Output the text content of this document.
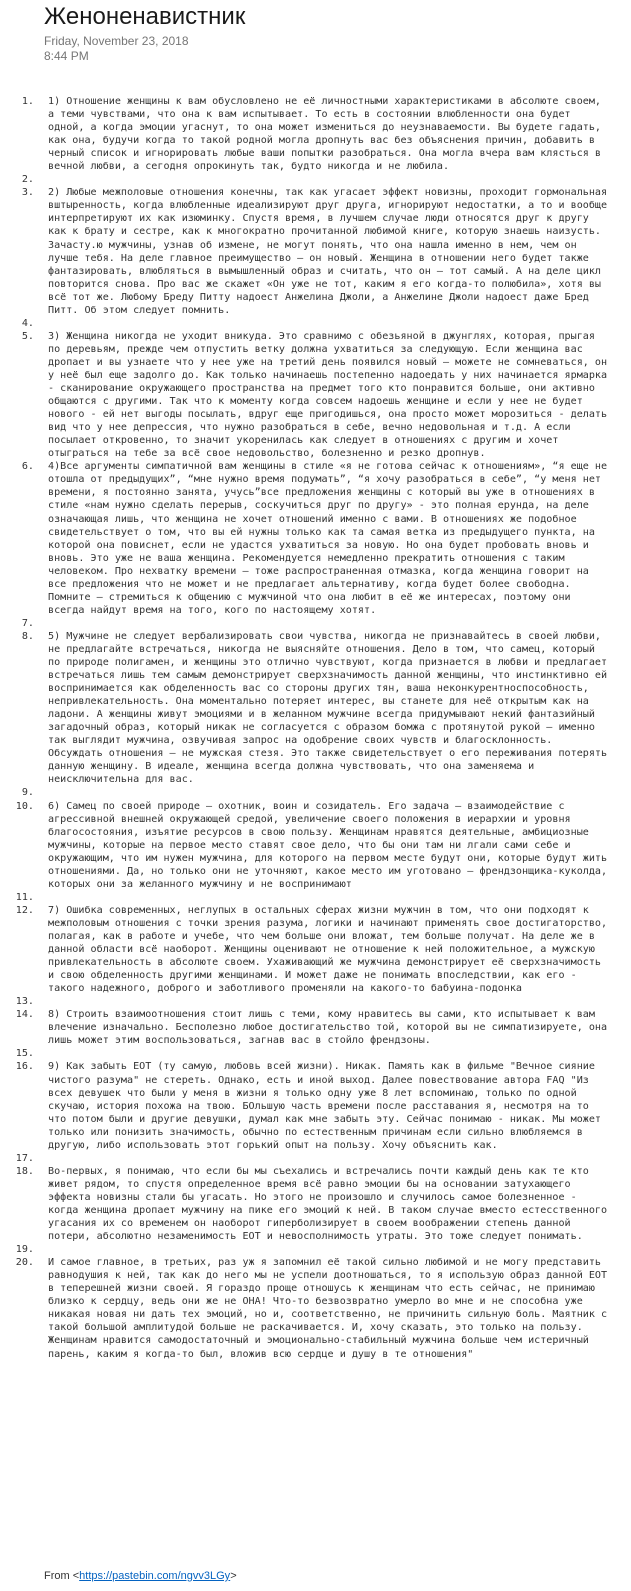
Женоненавистник
Friday, November 23, 2018
8:44 PM
1. 1) Отношение женщины к вам обусловлено не её личностными характеристиками в абсолюте своем, а теми чувствами, что она к вам испытывает. То есть в состоянии влюбленности она будет одной, а когда эмоции угаснут, то она может измениться до неузнаваемости. Вы будете гадать, как она, будучи когда то такой родной могла дропнуть вас без объяснения причин, добавить в черный список и игнорировать любые ваши попытки разобраться. Она могла вчера вам клясться в вечной любви, а сегодня опрокинуть так, будто никогда и не любила.
2.
3. 2) Любые межполовые отношения конечны, так как угасает эффект новизны, проходит гормональная вштыренность, когда влюбленные идеализируют друг друга, игнорируют недостатки, а то и вообще интерпретируют их как изюминку. Спустя время, в лучшем случае люди относятся друг к другу как к брату и сестре, как к многократно прочитанной любимой книге, которую знаешь наизусть. Зачасту.ю мужчины, узнав об измене, не могут понять, что она нашла именно в нем, чем он лучше тебя. На деле главное преимущество — он новый. Женщина в отношении него будет также фантазировать, влюбляться в вымышленный образ и считать, что он — тот самый. А на деле цикл повторится снова. Про вас же скажет «Он уже не тот, каким я его когда-то полюбила», хотя вы всё тот же. Любому Бреду Питту надоест Анжелина Джоли, а Анжелине Джоли надоест даже Бред Питт. Об этом следует помнить.
4.
5. 3) Женщина никогда не уходит вникуда. Это сравнимо с обезьяной в джунглях, которая, прыгая по деревьям, прежде чем отпустить ветку должна ухватиться за следующую. Если женщина вас дропает и вы узнаете что у нее уже на третий день появился новый — можете не сомневаться, он у неё был еще задолго до. Как только начинаешь постепенно надоедать у них начинается ярмарка - сканирование окружающего пространства на предмет того кто понравится больше, они активно общаются с другими. Так что к моменту когда совсем надоешь женщине и если у нее не будет нового - ей нет выгоды посылать, вдруг еще пригодишься, она просто может морозиться - делать вид что у нее депрессия, что нужно разобраться в себе, вечно недовольная и т.д. А если посылает откровенно, то значит укоренилась как следует в отношениях с другим и хочет отыграться на тебе за всё свое недовольство, болезненно и резко дропнув.
6. 4)Все аргументы симпатичной вам женщины в стиле «я не готова сейчас к отношениям», “я еще не отошла от предыдущих”, “мне нужно время подумать”, “я хочу разобраться в себе”, “у меня нет времени, я постоянно занята, учусь”все предложения женщины с который вы уже в отношениях в стиле «нам нужно сделать перерыв, соскучиться друг по другу» - это полная ерунда, на деле означающая лишь, что женщина не хочет отношений именно с вами. В отношениях же подобное свидетельствует о том, что вы ей нужны только как та самая ветка из предыдущего пункта, на которой она повиснет, если не удастся ухватиться за новую. Но она будет пробовать вновь и вновь. Это уже не ваша женщина. Рекомендуется немедленно прекратить отношения с таким человеком. Про нехватку времени — тоже распространенная отмазка, когда женщина говорит на все предложения что не может и не предлагает альтернативу, когда будет более свободна. Помните — стремиться к общению с мужчиной что она любит в её же интересах, поэтому они всегда найдут время на того, кого по настоящему хотят.
7.
8. 5) Мужчине не следует вербализировать свои чувства, никогда не признавайтесь в своей любви, не предлагайте встречаться, никогда не выясняйте отношения. Дело в том, что самец, который по природе полигамен, и женщины это отлично чувствуют, когда признается в любви и предлагает встречаться лишь тем самым демонстрирует сверхзначимость данной женщины, что инстинктивно ей воспринимается как обделенность вас со стороны других тян, ваша неконкурентноспособность, непривлекательность. Она моментально потеряет интерес, вы станете для неё открытым как на ладони. А женщины живут эмоциями и в желанном мужчине всегда придумывают некий фантазийный загадочный образ, который никак не согласуется с образом бомжа с протянутой рукой — именно так выглядит мужчина, озвучивая запрос на одобрение своих чувств и благосклонность. Обсуждать отношения — не мужская стезя. Это также свидетельствует о его переживания потерять данную женщину. В идеале, женщина всегда должна чувствовать, что она заменяема и неисключительна для вас.
9.
10. 6) Самец по своей природе — охотник, воин и созидатель. Его задача — взаимодействие с агрессивной внешней окружающей средой, увеличение своего положения в иерархии и уровня благосостояния, изъятие ресурсов в свою пользу. Женщинам нравятся деятельные, амбициозные мужчины, которые на первое место ставят свое дело, что бы они там ни лгали сами себе и окружающим, что им нужен мужчина, для которого на первом месте будут они, которые будут жить отношениями. Да, но только они не уточняют, какое место им уготовано — френдзонщика-куколда, которых они за желанного мужчину и не воспринимают
11.
12. 7) Ошибка современных, неглупых в остальных сферах жизни мужчин в том, что они подходят к межполовым отношения с точки зрения разума, логики и начинают применять свое достигаторство, полагая, как в работе и учебе, что чем больше они вложат, тем больше получат. На деле же в данной области всё наоборот. Женщины оценивают не отношение к ней положительное, а мужскую привлекательность в абсолюте своем. Ухаживающий же мужчина демонстрирует её сверхзначимость и свою обделенность другими женщинами. И может даже не понимать впоследствии, как его - такого надежного, доброго и заботливого променяли на какого-то бабуина-подонка
13.
14. 8) Строить взаимоотношения стоит лишь с теми, кому нравитесь вы сами, кто испытывает к вам влечение изначально. Бесполезно любое достигательство той, которой вы не симпатизируете, она лишь может этим воспользоваться, загнав вас в стойло френдзоны.
15.
16. 9) Как забыть ЕОТ (ту самую, любовь всей жизни). Никак. Память как в фильме "Вечное сияние чистого разума" не стереть. Однако, есть и иной выход. Далее повествование автора FAQ "Из всех девушек что были у меня в жизни я только одну уже 8 лет вспоминаю, только по одной скучаю, история похожа на твою. БОльшую часть времени после расставания я, несмотря на то что потом были и другие девушки, думал как мне забыть эту. Сейчас понимаю - никак. Мы может только или понизить значимость, обычно по естественным причинам если сильно влюбляемся в другую, либо использовать этот горький опыт на пользу. Хочу объяснить как.
17.
18. Во-первых, я понимаю, что если бы мы съехались и встречались почти каждый день как те кто живет рядом, то спустя определенное время всё равно эмоции бы на основании затухающего эффекта новизны стали бы угасать. Но этого не произошло и случилось самое болезненное - когда женщина дропает мужчину на пике его эмоций к ней. В таком случае вместо естесственного угасания их со временем он наоборот гиперболизирует в своем воображении степень данной потери, абсолютно незаменимость ЕОТ и невосполнимость утраты. Это тоже следует понимать.
19.
20. И самое главное, в третьих, раз уж я запомнил её такой сильно любимой и не могу представить равнодушия к ней, так как до него мы не успели доотношаться, то я использую образ данной ЕОТ в теперешней жизни своей. Я гораздо проще отношусь к женщинам что есть сейчас, не принимаю близко к сердцу, ведь они же не ОНА! Что-то безвозвратно умерло во мне и не способна уже никакая новая ни дать тех эмоций, но и, соответственно, не причинить сильную боль. Маятник с такой большой амплитудой больше не раскачивается. И, хочу сказать, это только на пользу. Женщинам нравится самодостаточный и эмоционально-стабильный мужчина больше чем истеричный парень, каким я когда-то был, вложив всю сердце и душу в те отношения"
From <https://pastebin.com/ngvv3LGy>
